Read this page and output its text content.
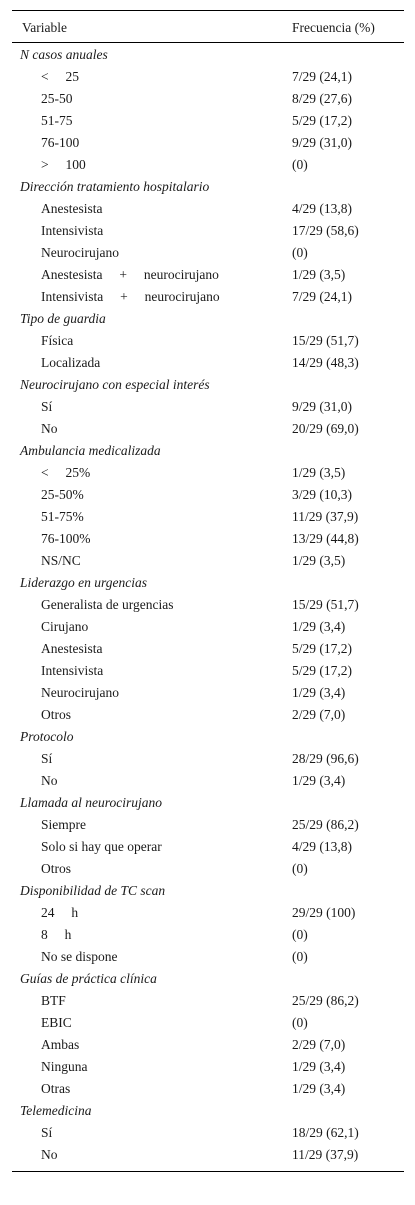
Variable	Frecuencia (%)
N casos anuales
<     25	7/29 (24,1)
25-50	8/29 (27,6)
51-75	5/29 (17,2)
76-100	9/29 (31,0)
>     100	(0)
Dirección tratamiento hospitalario
Anestesista	4/29 (13,8)
Intensivista	17/29 (58,6)
Neurocirujano	(0)
Anestesista     +     neurocirujano	1/29 (3,5)
Intensivista     +     neurocirujano	7/29 (24,1)
Tipo de guardia
Física	15/29 (51,7)
Localizada	14/29 (48,3)
Neurocirujano con especial interés
Sí	9/29 (31,0)
No	20/29 (69,0)
Ambulancia medicalizada
<     25%	1/29 (3,5)
25-50%	3/29 (10,3)
51-75%	11/29 (37,9)
76-100%	13/29 (44,8)
NS/NC	1/29 (3,5)
Liderazgo en urgencias
Generalista de urgencias	15/29 (51,7)
Cirujano	1/29 (3,4)
Anestesista	5/29 (17,2)
Intensivista	5/29 (17,2)
Neurocirujano	1/29 (3,4)
Otros	2/29 (7,0)
Protocolo
Sí	28/29 (96,6)
No	1/29 (3,4)
Llamada al neurocirujano
Siempre	25/29 (86,2)
Solo si hay que operar	4/29 (13,8)
Otros	(0)
Disponibilidad de TC scan
24     h	29/29 (100)
8     h	(0)
No se dispone	(0)
Guías de práctica clínica
BTF	25/29 (86,2)
EBIC	(0)
Ambas	2/29 (7,0)
Ninguna	1/29 (3,4)
Otras	1/29 (3,4)
Telemedicina
Sí	18/29 (62,1)
No	11/29 (37,9)
